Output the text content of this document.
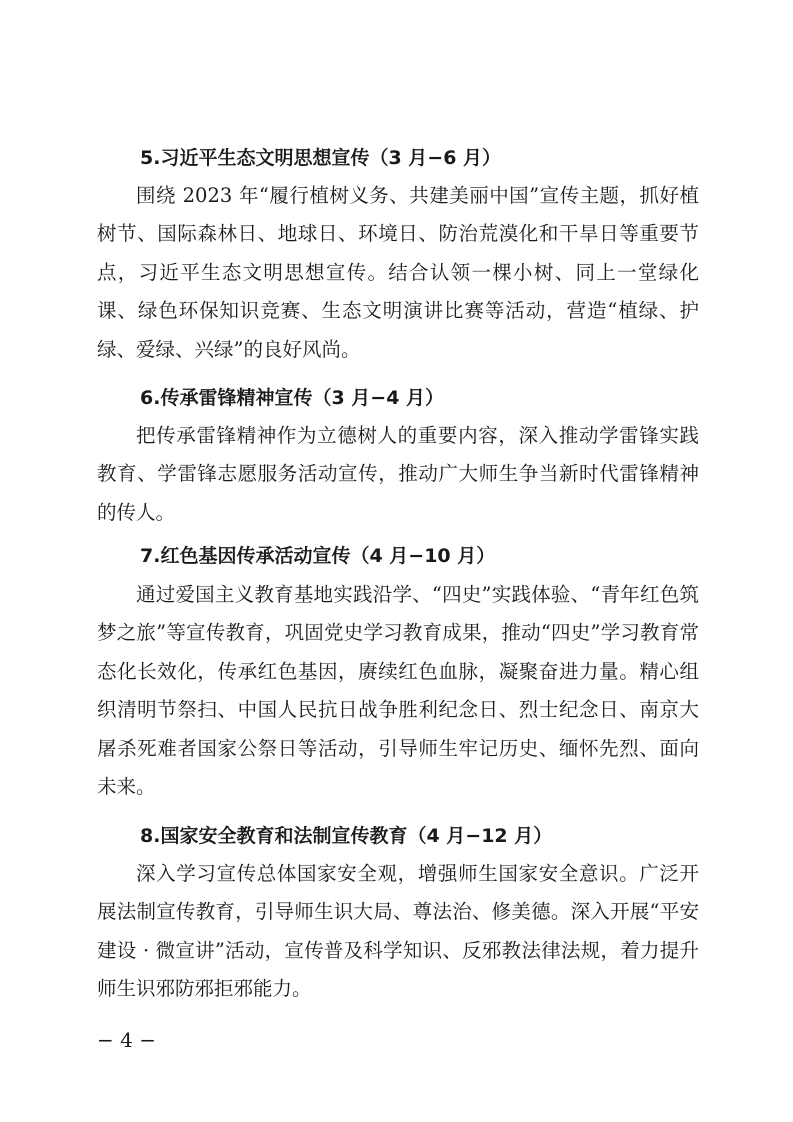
5.习近平生态文明思想宣传（3 月−6 月）

围绕 2023 年“履行植树义务、共建美丽中国”宣传主题，抓好植树节、国际森林日、地球日、环境日、防治荒漠化和干旱日等重要节点，习近平生态文明思想宣传。结合认领一棵小树、同上一堂绿化课、绿色环保知识竞赛、生态文明演讲比赛等活动，营造“植绿、护绿、爱绿、兴绿”的良好风尚。

6.传承雷锋精神宣传（3 月−4 月）

把传承雷锋精神作为立德树人的重要内容，深入推动学雷锋实践教育、学雷锋志愿服务活动宣传，推动广大师生争当新时代雷锋精神的传人。

7.红色基因传承活动宣传（4 月−10 月）

通过爱国主义教育基地实践沿学、“四史”实践体验、“青年红色筑梦之旅”等宣传教育，巩固党史学习教育成果，推动“四史”学习教育常态化长效化，传承红色基因，赓续红色血脉，凝聚奋进力量。精心组织清明节祭扫、中国人民抗日战争胜利纪念日、烈士纪念日、南京大屠杀死难者国家公祭日等活动，引导师生牢记历史、缅怀先烈、面向未来。

8.国家安全教育和法制宣传教育（4 月−12 月）

深入学习宣传总体国家安全观，增强师生国家安全意识。广泛开展法制宣传教育，引导师生识大局、尊法治、修美德。深入开展“平安建设 · 微宣讲”活动，宣传普及科学知识、反邪教法律法规，着力提升师生识邪防邪拒邪能力。

− 4 −
